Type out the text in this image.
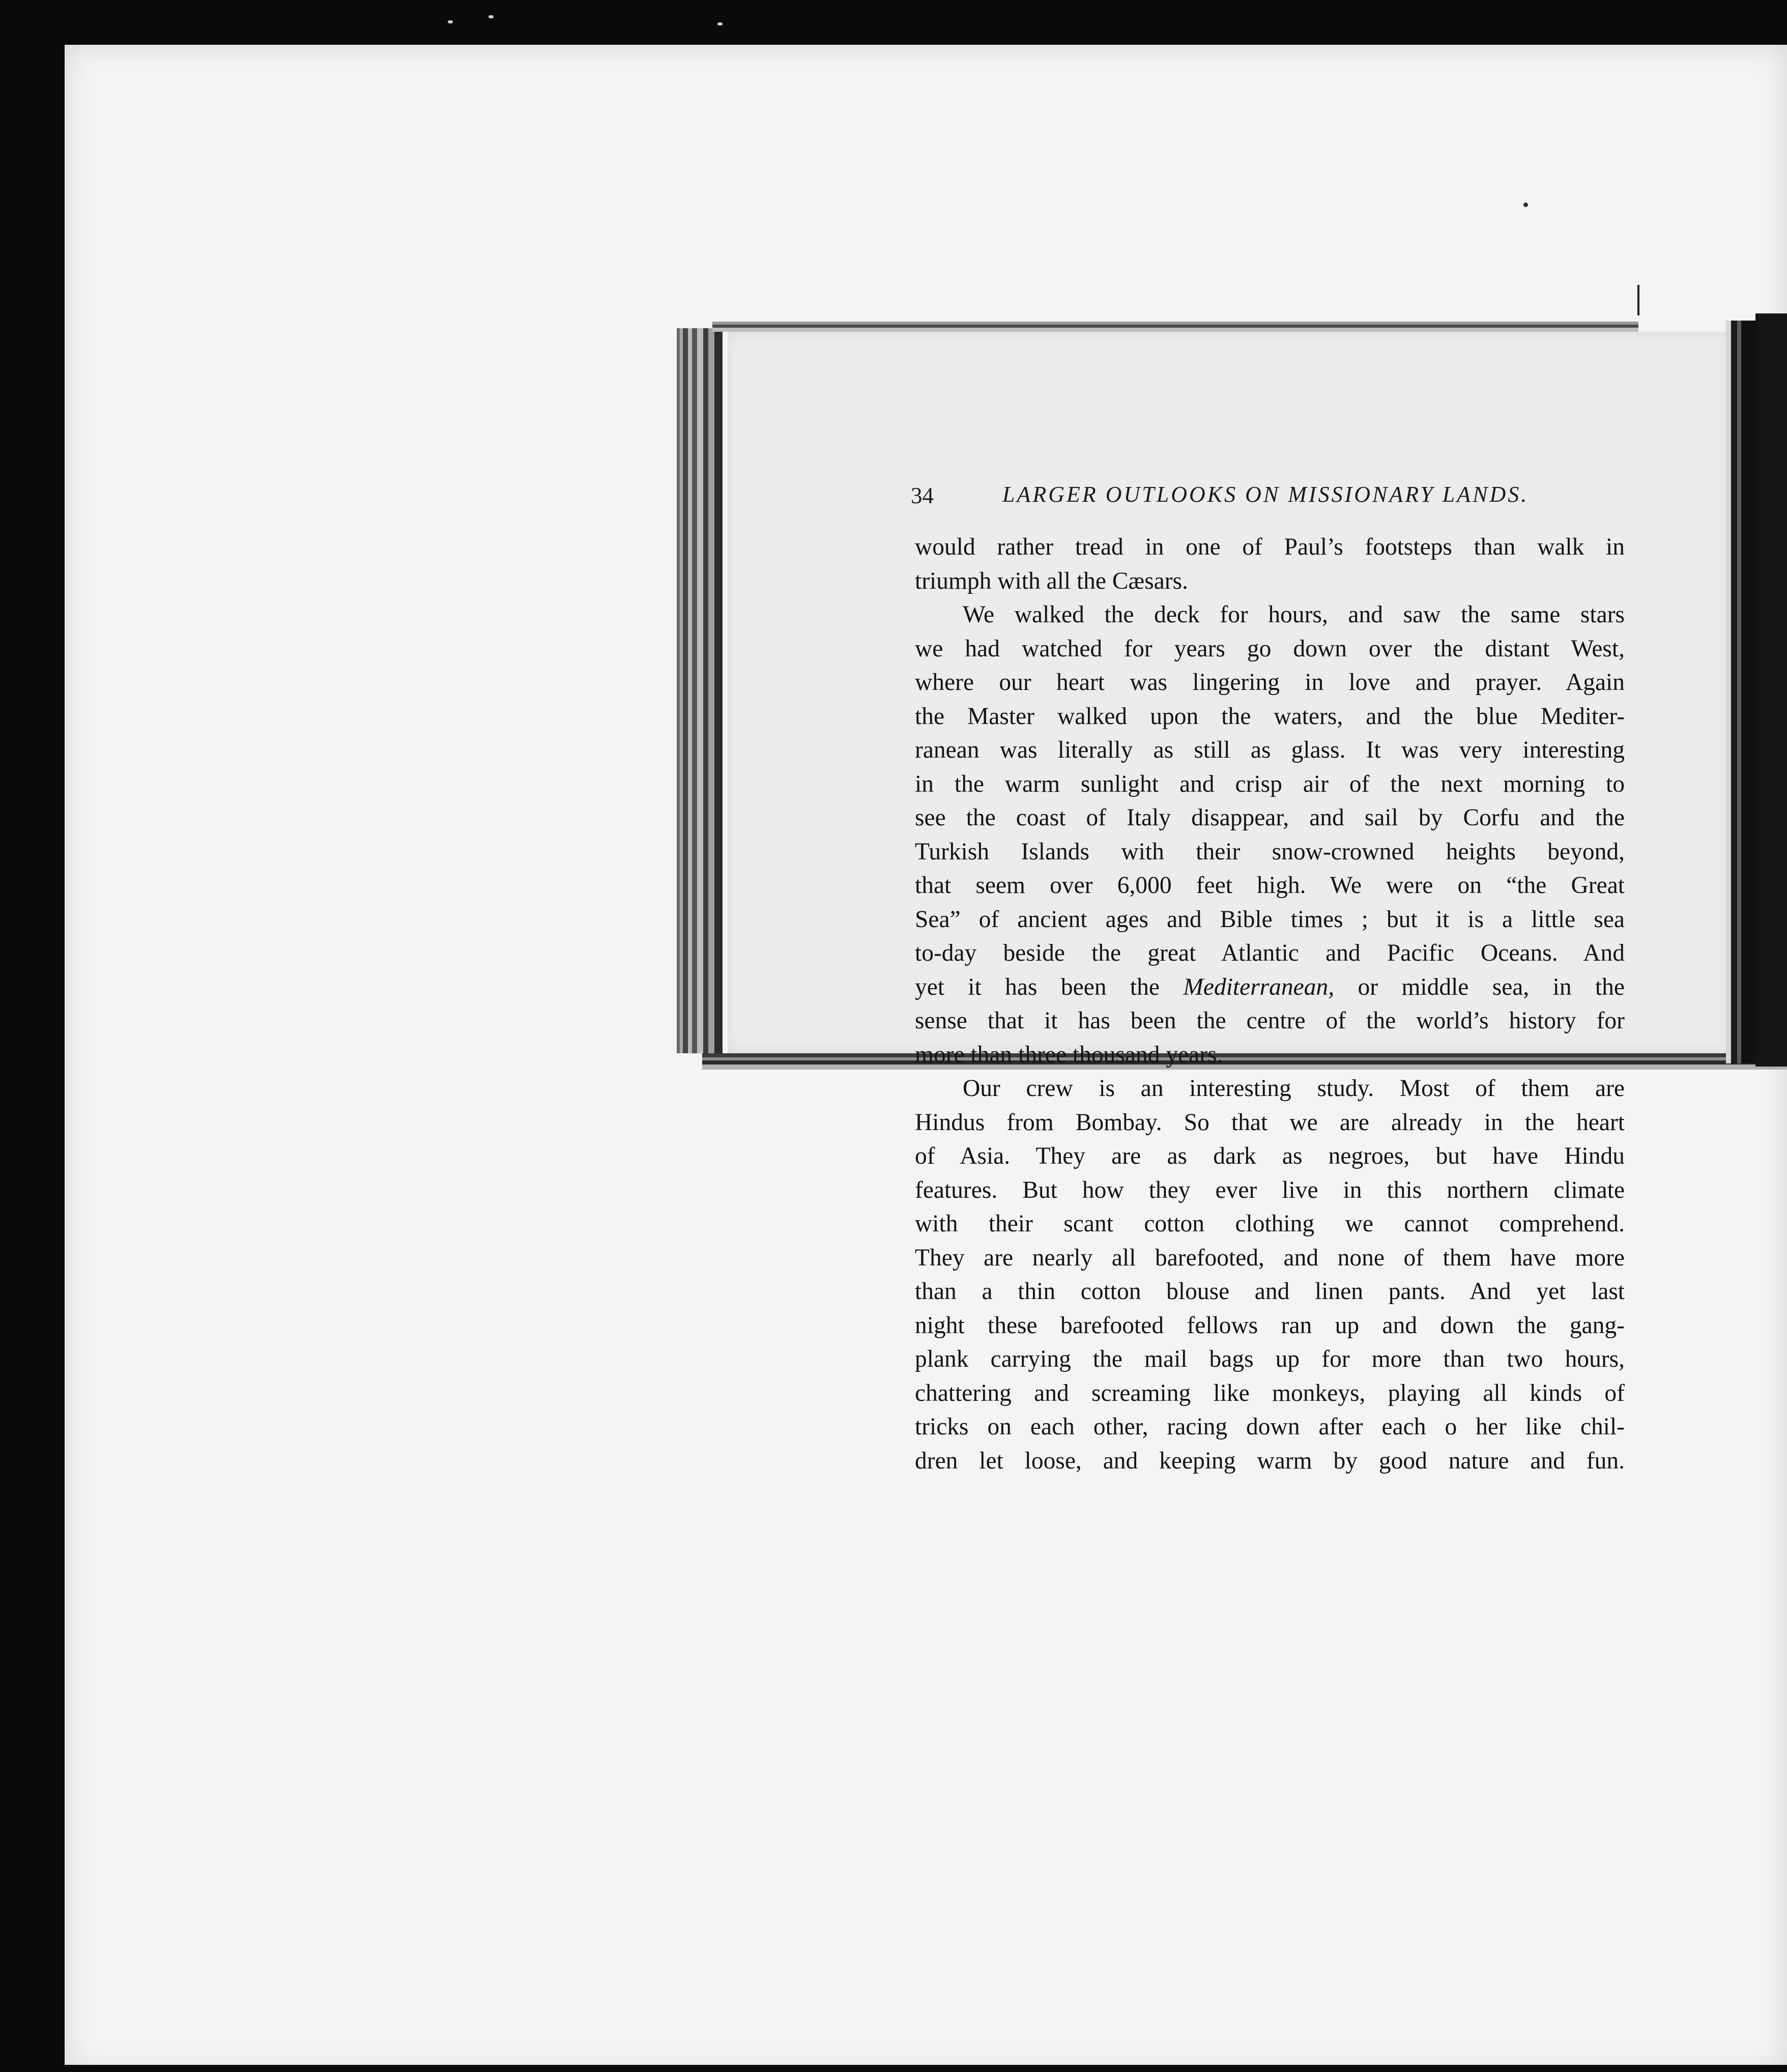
34	LARGER OUTLOOKS ON MISSIONARY LANDS.
would rather tread in one of Paul’s footsteps than walk in
triumph with all the Cæsars.
We walked the deck for hours, and saw the same stars
we had watched for years go down over the distant West,
where our heart was lingering in love and prayer. Again
the Master walked upon the waters, and the blue Mediter-
ranean was literally as still as glass. It was very interesting
in the warm sunlight and crisp air of the next morning to
see the coast of Italy disappear, and sail by Corfu and the
Turkish Islands with their snow-crowned heights beyond,
that seem over 6,000 feet high. We were on “the Great
Sea” of ancient ages and Bible times ; but it is a little sea
to-day beside the great Atlantic and Pacific Oceans. And
yet it has been the Mediterranean, or middle sea, in the
sense that it has been the centre of the world’s history for
more than three thousand years.
Our crew is an interesting study. Most of them are
Hindus from Bombay. So that we are already in the heart
of Asia. They are as dark as negroes, but have Hindu
features. But how they ever live in this northern climate
with their scant cotton clothing we cannot comprehend.
They are nearly all barefooted, and none of them have more
than a thin cotton blouse and linen pants. And yet last
night these barefooted fellows ran up and down the gang-
plank carrying the mail bags up for more than two hours,
chattering and screaming like monkeys, playing all kinds of
tricks on each other, racing down after each o her like chil-
dren let loose, and keeping warm by good nature and fun.
